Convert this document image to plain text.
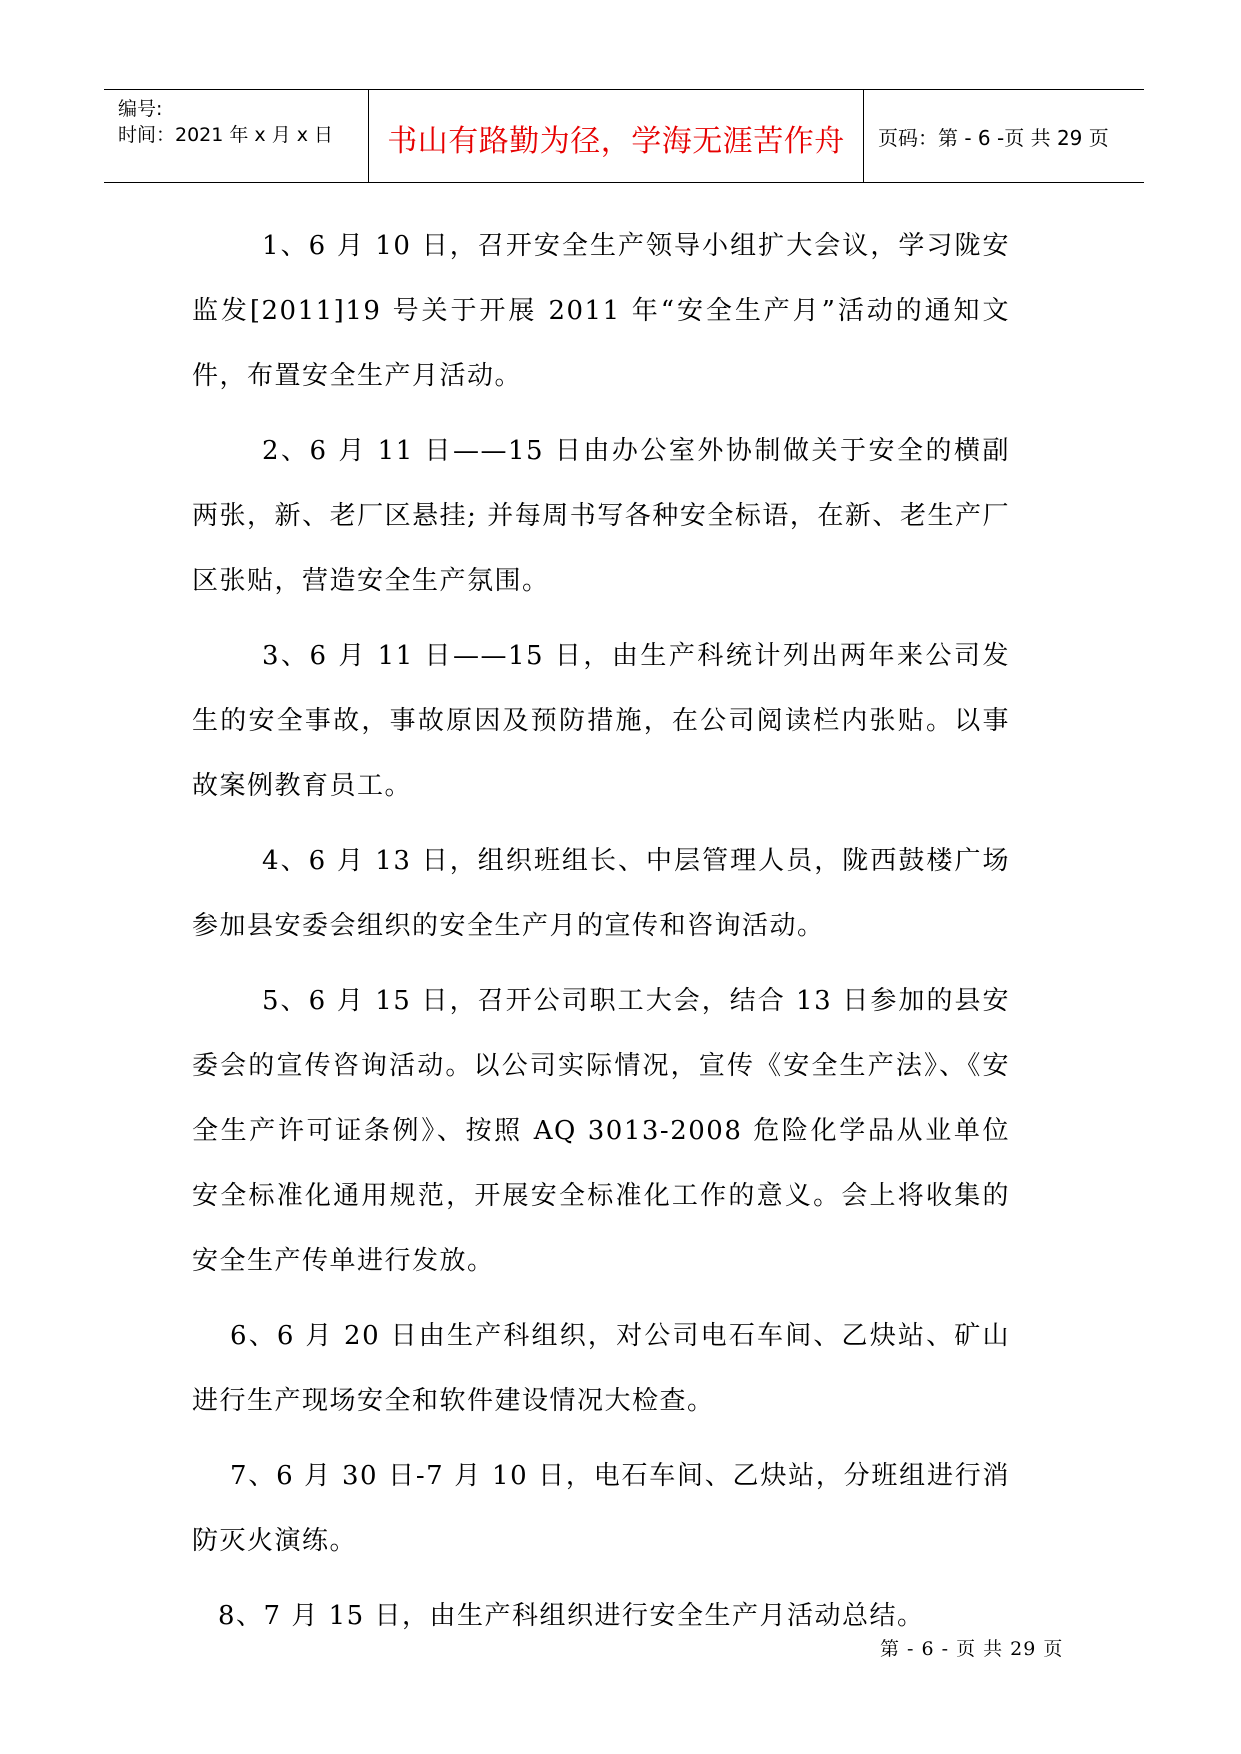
编号:
时间：2021 年 x 月 x 日 书山有路勤为径，学海无涯苦作舟 页码：第 - 6 -页 共 29 页

1、6 月 10 日，召开安全生产领导小组扩大会议，学习陇安监发[2011]19 号关于开展 2011 年“安全生产月”活动的通知文件，布置安全生产月活动。

2、6 月 11 日——15 日由办公室外协制做关于安全的横副两张，新、老厂区悬挂; 并每周书写各种安全标语，在新、老生产厂区张贴，营造安全生产氛围。

3、6 月 11 日——15 日，由生产科统计列出两年来公司发生的安全事故，事故原因及预防措施，在公司阅读栏内张贴。以事故案例教育员工。

4、6 月 13 日，组织班组长、中层管理人员，陇西鼓楼广场参加县安委会组织的安全生产月的宣传和咨询活动。

5、6 月 15 日，召开公司职工大会，结合 13 日参加的县安委会的宣传咨询活动。以公司实际情况，宣传《安全生产法》、《安全生产许可证条例》、按照 AQ 3013-2008 危险化学品从业单位安全标准化通用规范，开展安全标准化工作的意义。会上将收集的安全生产传单进行发放。

6、6 月 20 日由生产科组织，对公司电石车间、乙炔站、矿山进行生产现场安全和软件建设情况大检查。

7、6 月 30 日-7 月 10 日，电石车间、乙炔站，分班组进行消防灭火演练。

8、7 月 15 日，由生产科组织进行安全生产月活动总结。

第 - 6 - 页 共 29 页
